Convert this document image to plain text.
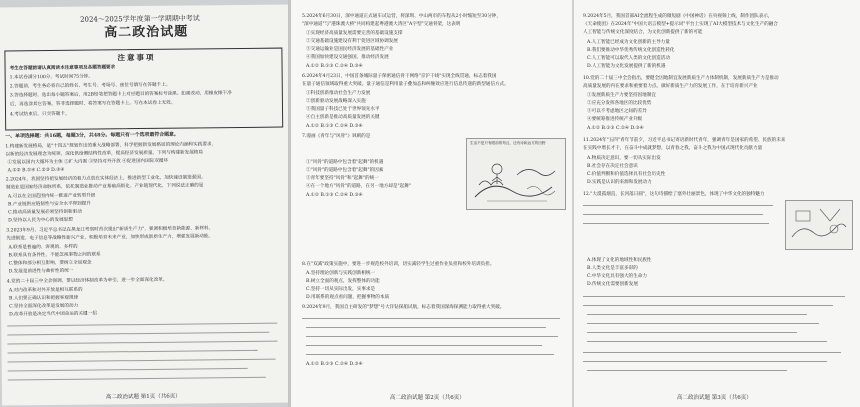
2024～2025学年度第一学期期中考试
高二政治试题
注意事项
考生在答题前请认真阅读本注意事项及各题答题要求
1.本试卷满分100分，考试时间75分钟。
2.答题前，考生务必将自己的姓名、考生号、考场号、座位号填写在答题卡上。
3.答选择题时，选出每小题答案后，用2B铅笔把答题卡上对应题目的答案标号涂黑。如需改动，用橡皮擦干净
后，再选涂其它答案。答非选择题时，将答案写在答题卡上。写在本试卷上无效。
4.考试结束后，只交答题卡。
一、单项选择题：共16题，每题3分，共48分。每题只有一个选项最符合题意。
1.构建新发展格局，是"十四五"规划作出的重大战略部署，科学把握新发展格局的理论内涵和实践要求，
以新的经济发展理念为统领，深化供给侧结构性改革，提高经济发展质量。下列与构建新发展格局
①发展以国内大循环为主体 ②扩大内需 ③坚持对外开放 ④促进国内国际双循环
A.①② B.①④ C.②③ D.③④
2.2024年，我国坚持把发展经济的着力点放在实体经济上，推进新型工业化，加快建设制造强国。
制造业是国家经济命脉所系，依托制造业推动产业基础高级化、产业链现代化，下列说法正确的是
A.可以在全国范围内统一推进产业转型升级
B.产业链供应链韧性与安全水平得到提升
C.推动高质量发展必须坚持创新驱动
D.坚持以人民为中心的发展思想
3.2023年9月，习近平总书记在黑龙江考察时首次提出"新质生产力"，强调积极培育新能源、新材料、
先进制造、电子信息等战略性新兴产业，积极培育未来产业，加快形成新质生产力，增强发展新动能。
A.联系是普遍的、客观的、多样的
B.联系具有条件性，不能忽视事物之间的联系
C.整体和部分相互影响，要树立全局观念
D.发展是前进性与曲折性的统一
4.党的二十届三中全会强调，要以经济体制改革为牵引，进一步全面深化改革。
A.对内改革和对外开放是相互联系的
B.人们要正确认识和把握客观规律
C.坚持全面深化改革是发展的动力
D.改革开放是决定当代中国命运的关键一招
高二政治试题 第1页（共6页）
5.2024年6月30日，深中通道正式通车试运营，将深圳、中山两市的车程从2小时缩短至30分钟，
"深中通道"与"港珠澳大桥"共同构建起粤港澳大湾区"A字型"交通骨架，这表明
①实现经济高质量发展需要完善的基础设施支撑
②交通基础设施建设有利于促进区域协调发展
③交通运输业是国民经济发展的基础性产业
④我国加快建设交通强国，推动经济发展
A.①② B.①③ C.②④ D.③④
6.2024年4月23日，中国首条城际量子保密通信骨干网络"京沪干线"实现全线贯通，标志着我国
在量子通信领域取得重大突破。量子通信是利用量子叠加态和纠缠效应进行信息传递的新型通信方式。
①科技创新推动社会生产力发展
②创新驱动发展战略深入实施
③我国量子科技已处于世界领先水平
④自主创新是推动高质量发展的关键
A.①② B.①③ C.②④ D.③④
7.漫画《青年与"风骨"》讽刺的是
①"风骨"的道路中包含着"起舞"的机遇
②"风骨"的道路中包含着"起舞"的因素
③青年要坚持"风骨"和"起舞"的统一
④在一个地方"风骨"的道路，在另一地方却是"起舞"
A.①② B.①③ C.②④ D.③④
生活不是只有眼前的苟且，还有诗和远方的田野
8.在"双减"政策实施中，要进一步规范校外培训，切实减轻学生过重作业负担和校外培训负担。
A.坚持理论创新与实践创新相统一
B.树立全面的观点，发挥整体的功能
C.坚持一切从实际出发，实事求是
D.用联系的观点看问题，把握事物的本质
9.2024年9月，我国自主研发的"梦想"号大洋钻探船试航，标志着我国深海探测能力取得重大突破。
A.①② B.①③ C.②④ D.③④
高二政治试题 第2页（共6页）
9.2024年5月，我国首部AI全流程生成的微短剧《中国神话》在央视频上线，制作团队表示，
《天命使团》在2024年"中国大语言模型+提示词"平台上实现了AI大模型技术与文化生产的融合
人工智能与传统文化深度结合，为文化创新提供了新的可能
A.人工智能已经成为文化创新的主导力量
B.我们要推动中华优秀传统文化创造性转化
C.人工智能可以取代人类的文化创造活动
D.人工智能为文化发展提供了新的机遇
10.党的二十届三中全会指出，要健全因地制宜发展新质生产力体制机制，发展新质生产力是推动
高质量发展的内在要求和重要着力点。做好新质生产力的发展工作，在于培育新兴产业
①发展新质生产力要坚持因地制宜
②应充分发挥各地区的比较优势
③可以不考虑地区之间的差异
④要统筹推进传统产业升级
A.①② B.①③ C.②④ D.③④
11.2024年"五四"青年节前夕，习近平总书记寄语新时代青年，强调青年是国家的希望、民族的未来
在实践中增长才干，在奋斗中成就梦想，以青春之我、奋斗之我为中国式现代化贡献力量
A.物质决定意识，要一切从实际出发
B.社会存在决定社会意识
C.价值判断和价值选择具有社会历史性
D.实践是认识的来源和发展动力
12."大漠孤烟直，长河落日圆"，这句诗描绘了塞外壮丽景色，体现了中华文化的独特魅力
A.体现了文化的地域性和民族性
B.人类文化是丰富多彩的
C.中华文化具有强大的生命力
D.传统文化需要创新发展
高二政治试题 第3页（共6页）
